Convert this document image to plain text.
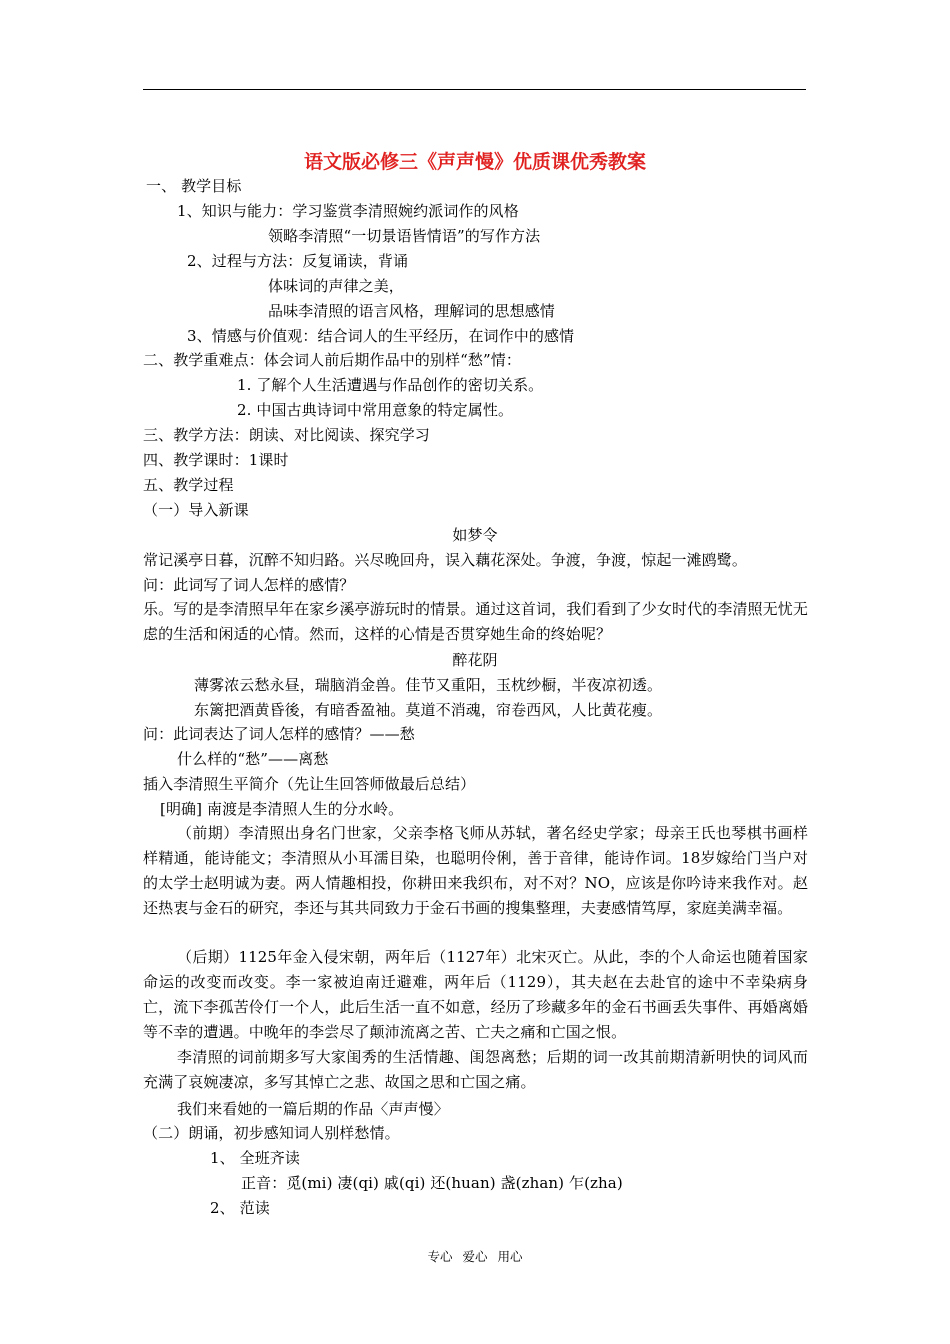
语文版必修三《声声慢》优质课优秀教案
一、 教学目标
1、知识与能力：学习鉴赏李清照婉约派词作的风格
领略李清照“一切景语皆情语”的写作方法
2、过程与方法：反复诵读，背诵
体味词的声律之美，
品味李清照的语言风格，理解词的思想感情
3、情感与价值观：结合词人的生平经历，在词作中的感情
二、教学重难点：体会词人前后期作品中的别样“愁”情：
1. 了解个人生活遭遇与作品创作的密切关系。
2. 中国古典诗词中常用意象的特定属性。
三、教学方法：朗读、对比阅读、探究学习
四、教学课时：1课时
五、教学过程
（一）导入新课
如梦令
常记溪亭日暮，沉醉不知归路。兴尽晚回舟，误入藕花深处。争渡，争渡，惊起一滩鸥鹭。
问：此词写了词人怎样的感情？
乐。写的是李清照早年在家乡溪亭游玩时的情景。通过这首词，我们看到了少女时代的李清照无忧无虑的生活和闲适的心情。然而，这样的心情是否贯穿她生命的终始呢？
醉花阴
薄雾浓云愁永昼，瑞脑消金兽。佳节又重阳，玉枕纱橱，半夜凉初透。
东篱把酒黄昏後，有暗香盈袖。莫道不消魂，帘卷西风，人比黄花瘦。
问：此词表达了词人怎样的感情？——愁
什么样的“愁”——离愁
插入李清照生平简介（先让生回答师做最后总结）
[明确] 南渡是李清照人生的分水岭。
（前期）李清照出身名门世家，父亲李格飞师从苏轼，著名经史学家；母亲王氏也琴棋书画样样精通，能诗能文；李清照从小耳濡目染，也聪明伶俐，善于音律，能诗作词。18岁嫁给门当户对的太学士赵明诚为妻。两人情趣相投，你耕田来我织布，对不对？NO，应该是你吟诗来我作对。赵还热衷与金石的研究，李还与其共同致力于金石书画的搜集整理，夫妻感情笃厚，家庭美满幸福。
（后期）1125年金入侵宋朝，两年后（1127年）北宋灭亡。从此，李的个人命运也随着国家命运的改变而改变。李一家被迫南迁避难，两年后（1129），其夫赵在去赴官的途中不幸染病身亡，流下李孤苦伶仃一个人，此后生活一直不如意，经历了珍藏多年的金石书画丢失事件、再婚离婚等不幸的遭遇。中晚年的李尝尽了颠沛流离之苦、亡夫之痛和亡国之恨。
李清照的词前期多写大家闺秀的生活情趣、闺怨离愁；后期的词一改其前期清新明快的词风而充满了哀婉凄凉，多写其悼亡之悲、故国之思和亡国之痛。
我们来看她的一篇后期的作品〈声声慢〉
（二）朗诵，初步感知词人别样愁情。
1、 全班齐读
正音：觅(mi) 凄(qi) 戚(qi) 还(huan) 盏(zhan) 乍(zha)
2、 范读
专心 爱心 用心
